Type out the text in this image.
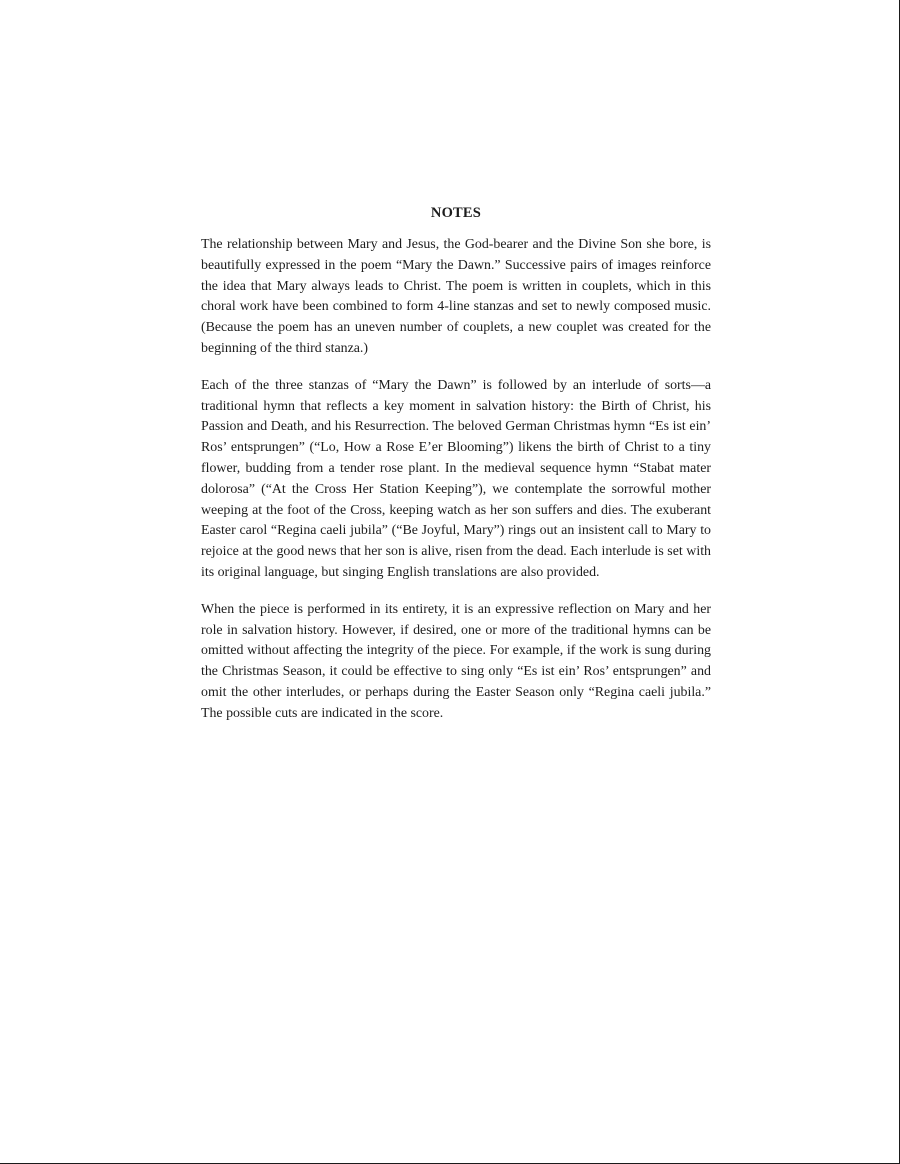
NOTES

The relationship between Mary and Jesus, the God-bearer and the Divine Son she bore, is beautifully expressed in the poem “Mary the Dawn.” Successive pairs of images reinforce the idea that Mary always leads to Christ. The poem is written in couplets, which in this choral work have been combined to form 4-line stanzas and set to newly composed music. (Because the poem has an uneven number of couplets, a new couplet was created for the beginning of the third stanza.)

Each of the three stanzas of “Mary the Dawn” is followed by an interlude of sorts—a traditional hymn that reflects a key moment in salvation history: the Birth of Christ, his Passion and Death, and his Resurrection. The beloved German Christmas hymn “Es ist ein’ Ros’ entsprungen” (“Lo, How a Rose E’er Blooming”) likens the birth of Christ to a tiny flower, budding from a tender rose plant. In the medieval sequence hymn “Stabat mater dolorosa” (“At the Cross Her Station Keeping”), we contemplate the sorrowful mother weeping at the foot of the Cross, keeping watch as her son suffers and dies. The exuberant Easter carol “Regina caeli jubila” (“Be Joyful, Mary”) rings out an insistent call to Mary to rejoice at the good news that her son is alive, risen from the dead. Each interlude is set with its original language, but singing English translations are also provided.

When the piece is performed in its entirety, it is an expressive reflection on Mary and her role in salvation history. However, if desired, one or more of the traditional hymns can be omitted without affecting the integrity of the piece. For example, if the work is sung during the Christmas Season, it could be effective to sing only “Es ist ein’ Ros’ entsprungen” and omit the other interludes, or perhaps during the Easter Season only “Regina caeli jubila.” The possible cuts are indicated in the score.
